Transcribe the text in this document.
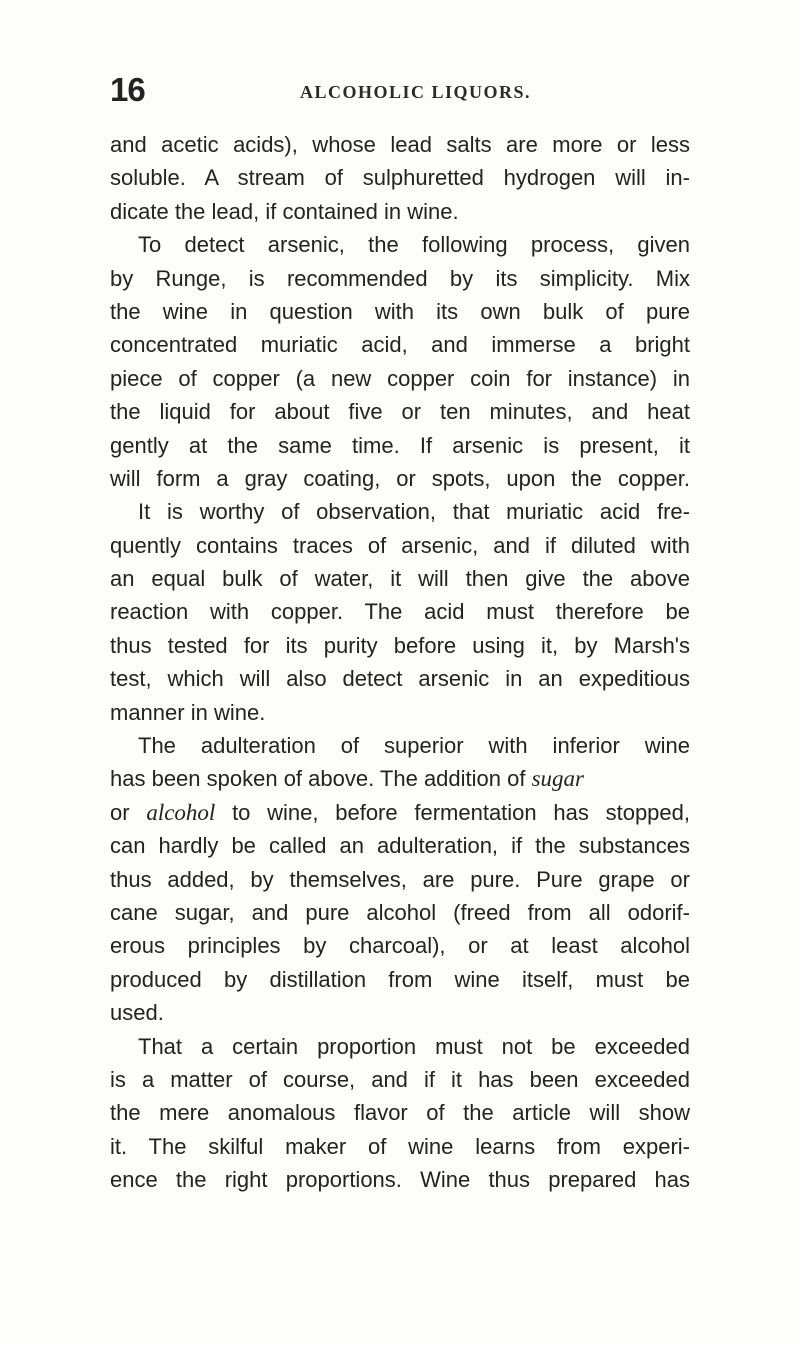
16	ALCOHOLIC LIQUORS.
and acetic acids), whose lead salts are more or less
soluble. A stream of sulphuretted hydrogen will in-
dicate the lead, if contained in wine.
To detect arsenic, the following process, given
by Runge, is recommended by its simplicity. Mix
the wine in question with its own bulk of pure
concentrated muriatic acid, and immerse a bright
piece of copper (a new copper coin for instance) in
the liquid for about five or ten minutes, and heat
gently at the same time. If arsenic is present, it
will form a gray coating, or spots, upon the copper.
It is worthy of observation, that muriatic acid fre-
quently contains traces of arsenic, and if diluted with
an equal bulk of water, it will then give the above
reaction with copper. The acid must therefore be
thus tested for its purity before using it, by Marsh's
test, which will also detect arsenic in an expeditious
manner in wine.
The adulteration of superior with inferior wine
has been spoken of above. The addition of sugar
or alcohol to wine, before fermentation has stopped,
can hardly be called an adulteration, if the substances
thus added, by themselves, are pure. Pure grape or
cane sugar, and pure alcohol (freed from all odorif-
erous principles by charcoal), or at least alcohol
produced by distillation from wine itself, must be
used.
That a certain proportion must not be exceeded
is a matter of course, and if it has been exceeded
the mere anomalous flavor of the article will show
it. The skilful maker of wine learns from experi-
ence the right proportions. Wine thus prepared has
